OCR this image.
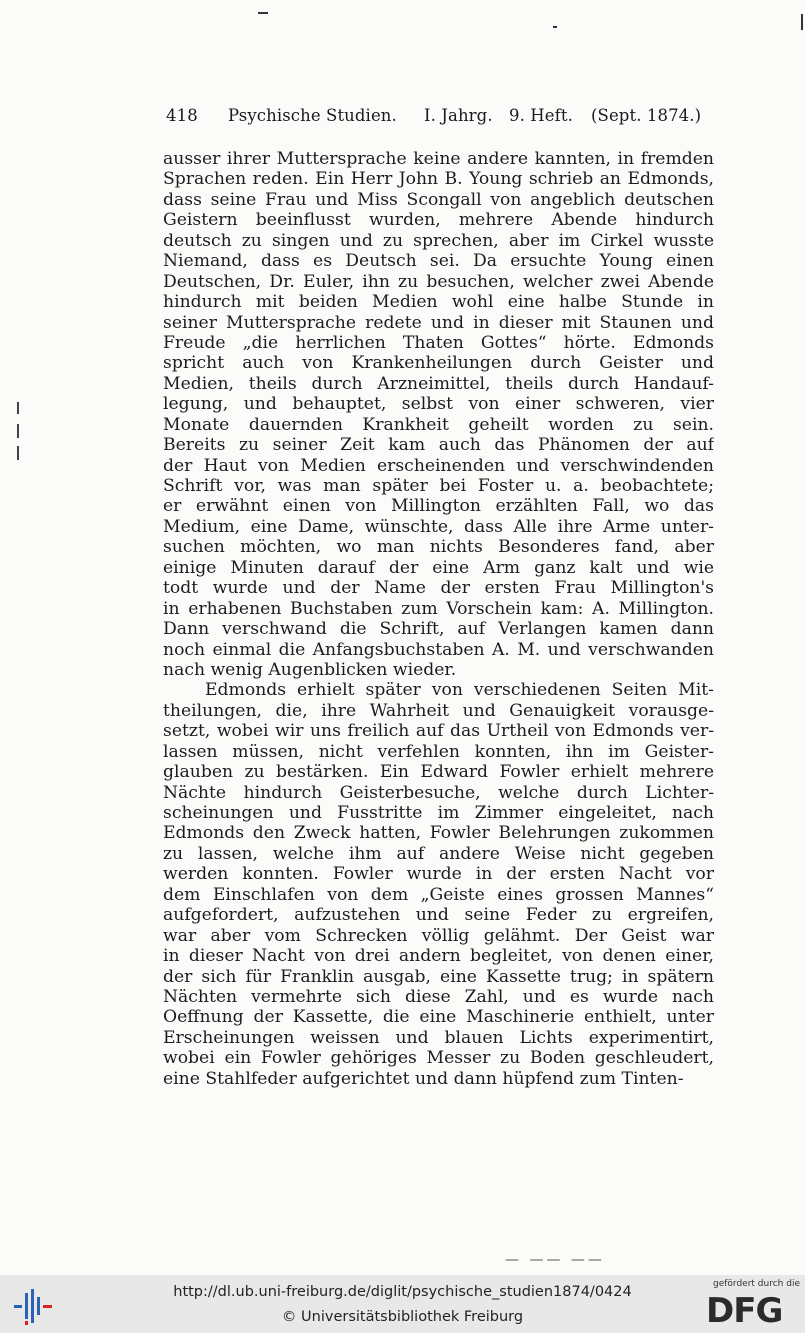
418 Psychische Studien. I. Jahrg. 9. Heft. (Sept. 1874.)
ausser ihrer Muttersprache keine andere kannten, in fremden
Sprachen reden. Ein Herr John B. Young schrieb an Edmonds,
dass seine Frau und Miss Scongall von angeblich deutschen
Geistern beeinflusst wurden, mehrere Abende hindurch
deutsch zu singen und zu sprechen, aber im Cirkel wusste
Niemand, dass es Deutsch sei. Da ersuchte Young einen
Deutschen, Dr. Euler, ihn zu besuchen, welcher zwei Abende
hindurch mit beiden Medien wohl eine halbe Stunde in
seiner Muttersprache redete und in dieser mit Staunen und
Freude „die herrlichen Thaten Gottes“ hörte. Edmonds
spricht auch von Krankenheilungen durch Geister und
Medien, theils durch Arzneimittel, theils durch Handauf-
legung, und behauptet, selbst von einer schweren, vier
Monate dauernden Krankheit geheilt worden zu sein.
Bereits zu seiner Zeit kam auch das Phänomen der auf
der Haut von Medien erscheinenden und verschwindenden
Schrift vor, was man später bei Foster u. a. beobachtete;
er erwähnt einen von Millington erzählten Fall, wo das
Medium, eine Dame, wünschte, dass Alle ihre Arme unter-
suchen möchten, wo man nichts Besonderes fand, aber
einige Minuten darauf der eine Arm ganz kalt und wie
todt wurde und der Name der ersten Frau Millington's
in erhabenen Buchstaben zum Vorschein kam: A. Millington.
Dann verschwand die Schrift, auf Verlangen kamen dann
noch einmal die Anfangsbuchstaben A. M. und verschwanden
nach wenig Augenblicken wieder.
Edmonds erhielt später von verschiedenen Seiten Mit-
theilungen, die, ihre Wahrheit und Genauigkeit vorausge-
setzt, wobei wir uns freilich auf das Urtheil von Edmonds ver-
lassen müssen, nicht verfehlen konnten, ihn im Geister-
glauben zu bestärken. Ein Edward Fowler erhielt mehrere
Nächte hindurch Geisterbesuche, welche durch Lichter-
scheinungen und Fusstritte im Zimmer eingeleitet, nach
Edmonds den Zweck hatten, Fowler Belehrungen zukommen
zu lassen, welche ihm auf andere Weise nicht gegeben
werden konnten. Fowler wurde in der ersten Nacht vor
dem Einschlafen von dem „Geiste eines grossen Mannes“
aufgefordert, aufzustehen und seine Feder zu ergreifen,
war aber vom Schrecken völlig gelähmt. Der Geist war
in dieser Nacht von drei andern begleitet, von denen einer,
der sich für Franklin ausgab, eine Kassette trug; in spätern
Nächten vermehrte sich diese Zahl, und es wurde nach
Oeffnung der Kassette, die eine Maschinerie enthielt, unter
Erscheinungen weissen und blauen Lichts experimentirt,
wobei ein Fowler gehöriges Messer zu Boden geschleudert,
eine Stahlfeder aufgerichtet und dann hüpfend zum Tinten-
— —— ——
http://dl.ub.uni-freiburg.de/diglit/psychische_studien1874/0424
© Universitätsbibliothek Freiburg
gefördert durch die
DFG
